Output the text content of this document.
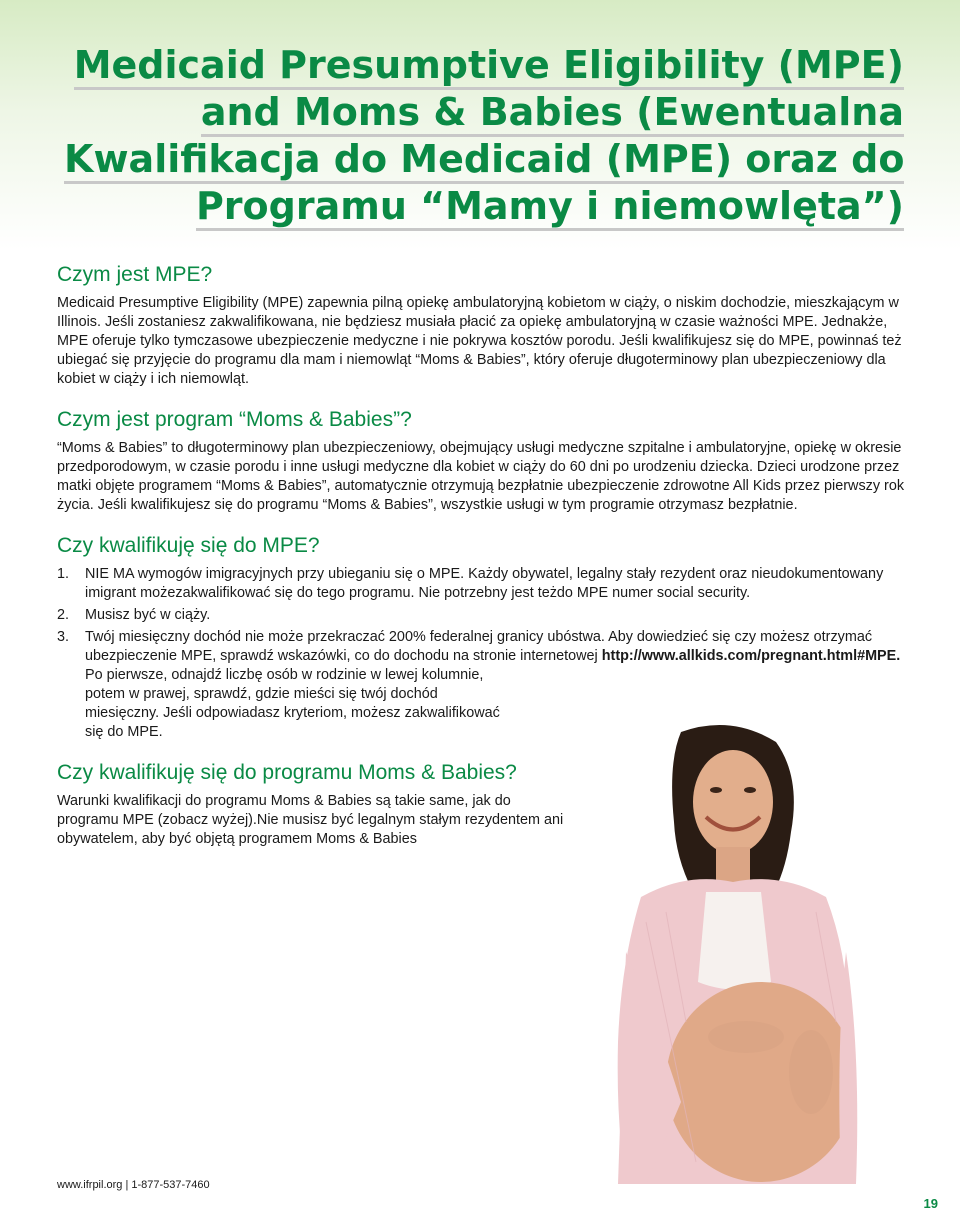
Medicaid Presumptive Eligibility (MPE)
and Moms & Babies (Ewentualna
Kwalifikacja do Medicaid (MPE) oraz do
Programu “Mamy i niemowlęta”)
Czym jest MPE?

Medicaid Presumptive Eligibility (MPE) zapewnia pilną opiekę ambulatoryjną kobietom w ciąży, o niskim dochodzie, mieszkającym w Illinois. Jeśli zostaniesz zakwalifikowana, nie będziesz musiała płacić za opiekę ambulatoryjną w czasie ważności MPE. Jednakże, MPE oferuje tylko tymczasowe ubezpieczenie medyczne i nie pokrywa kosztów porodu. Jeśli kwalifikujesz się do MPE, powinnaś też ubiegać się przyjęcie do programu dla mam i niemowląt “Moms & Babies”, który oferuje długoterminowy plan ubezpieczeniowy dla kobiet w ciąży i ich niemowląt.

Czym jest program “Moms & Babies”?

“Moms & Babies” to długoterminowy plan ubezpieczeniowy, obejmujący usługi medyczne szpitalne i ambulatoryjne, opiekę w okresie przedporodowym, w czasie porodu i inne usługi medyczne dla kobiet w ciąży do 60 dni po urodzeniu dziecka. Dzieci urodzone przez matki objęte programem “Moms & Babies”, automatycznie otrzymują bezpłatnie ubezpieczenie zdrowotne All Kids przez pierwszy rok życia. Jeśli kwalifikujesz się do programu “Moms & Babies”, wszystkie usługi w tym programie otrzymasz bezpłatnie.

Czy kwalifikuję się do MPE?
1. NIE MA wymogów imigracyjnych przy ubieganiu się o MPE. Każdy obywatel, legalny stały rezydent oraz nieudokumentowany imigrant możezakwalifikować się do tego programu. Nie potrzebny jest teżdo MPE numer social security.
2. Musisz być w ciąży.
3. Twój miesięczny dochód nie może przekraczać 200% federalnej granicy ubóstwa. Aby dowiedzieć się czy możesz otrzymać ubezpieczenie MPE, sprawdź wskazówki, co do dochodu na stronie internetowej http://www.allkids.com/pregnant.html#MPE.Po pierwsze, odnajdź liczbę osób w rodzinie w lewej kolumnie, potem w prawej, sprawdź, gdzie mieści się twój dochód miesięczny. Jeśli odpowiadasz kryteriom, możesz zakwalifikować się do MPE.
Czy kwalifikuję się do programu Moms & Babies?

Warunki kwalifikacji do programu Moms & Babies są takie same, jak do programu MPE (zobacz wyżej).Nie musisz być legalnym stałym rezydentem ani obywatelem, aby być objętą programem Moms & Babies

www.ifrpil.org | 1-877-537-7460
19
